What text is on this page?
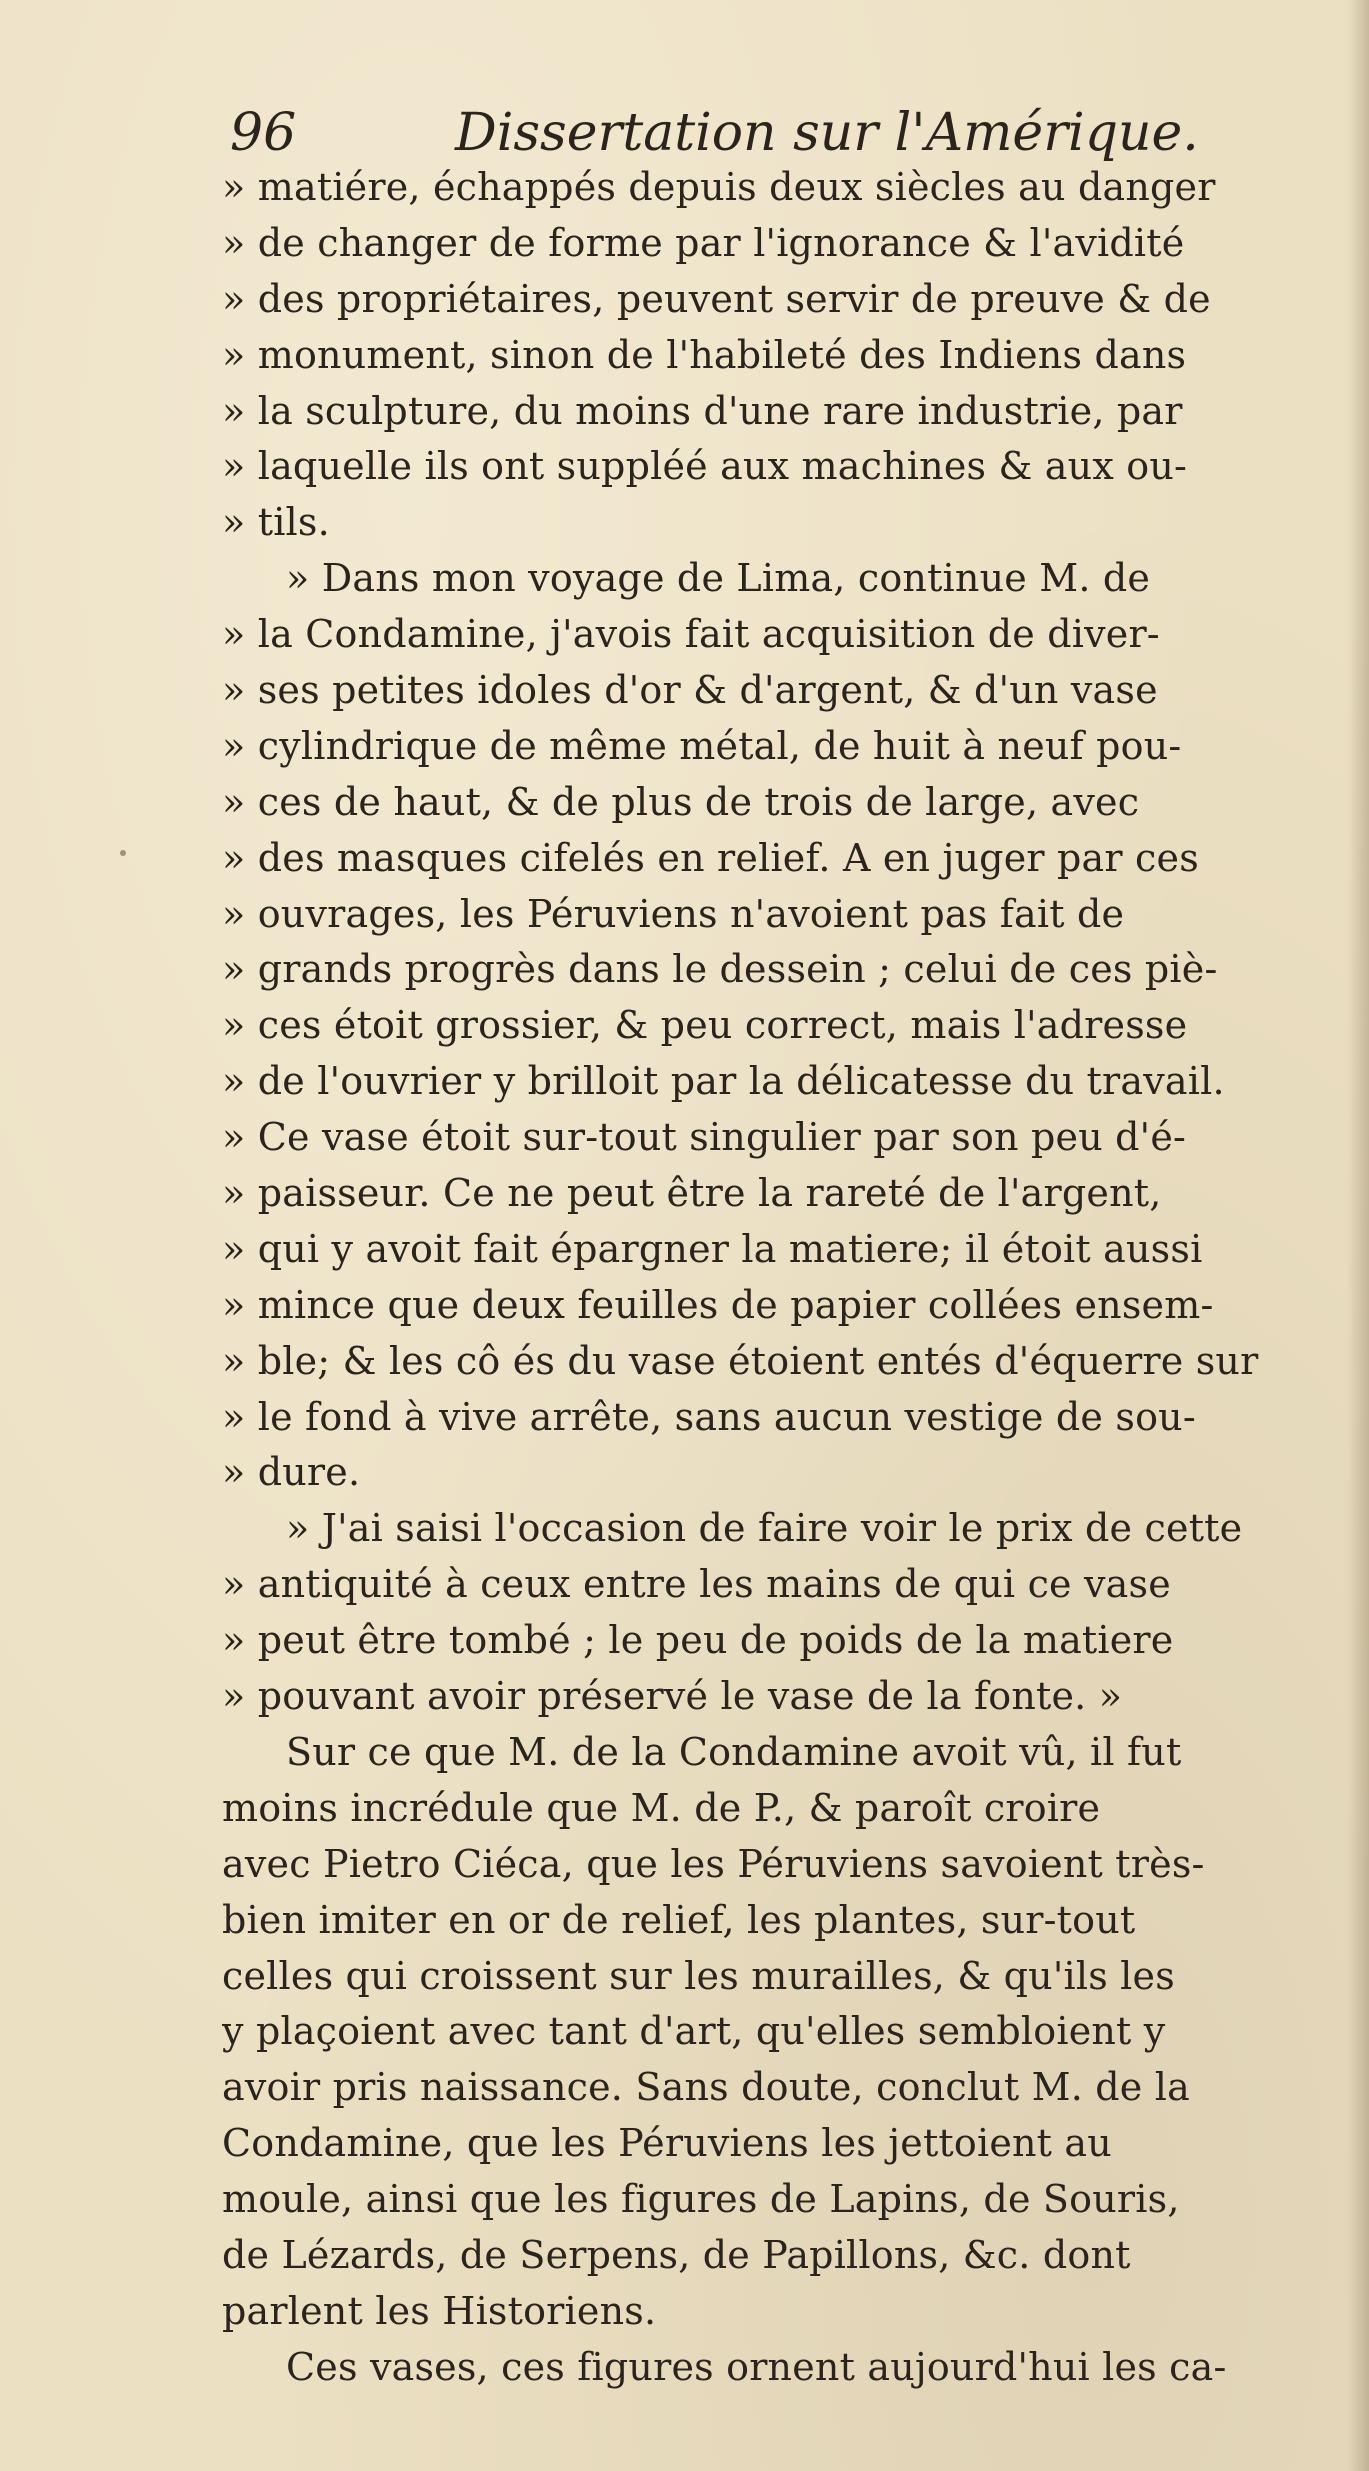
96	Dissertation sur l'Amérique.
» matiére, échappés depuis deux siècles au danger
» de changer de forme par l'ignorance & l'avidité
» des propriétaires, peuvent servir de preuve & de
» monument, sinon de l'habileté des Indiens dans
» la sculpture, du moins d'une rare industrie, par
» laquelle ils ont suppléé aux machines & aux ou-
» tils.
» Dans mon voyage de Lima, continue M. de
» la Condamine, j'avois fait acquisition de diver-
» ses petites idoles d'or & d'argent, & d'un vase
» cylindrique de même métal, de huit à neuf pou-
» ces de haut, & de plus de trois de large, avec
» des masques cifelés en relief. A en juger par ces
» ouvrages, les Péruviens n'avoient pas fait de
» grands progrès dans le dessein ; celui de ces piè-
» ces étoit grossier, & peu correct, mais l'adresse
» de l'ouvrier y brilloit par la délicatesse du travail.
» Ce vase étoit sur-tout singulier par son peu d'é-
» paisseur. Ce ne peut être la rareté de l'argent,
» qui y avoit fait épargner la matiere; il étoit aussi
» mince que deux feuilles de papier collées ensem-
» ble; & les cô és du vase étoient entés d'équerre sur
» le fond à vive arrête, sans aucun vestige de sou-
» dure.
» J'ai saisi l'occasion de faire voir le prix de cette
» antiquité à ceux entre les mains de qui ce vase
» peut être tombé ; le peu de poids de la matiere
» pouvant avoir préservé le vase de la fonte. »
Sur ce que M. de la Condamine avoit vû, il fut
moins incrédule que M. de P., & paroît croire
avec Pietro Ciéca, que les Péruviens savoient très-
bien imiter en or de relief, les plantes, sur-tout
celles qui croissent sur les murailles, & qu'ils les
y plaçoient avec tant d'art, qu'elles sembloient y
avoir pris naissance. Sans doute, conclut M. de la
Condamine, que les Péruviens les jettoient au
moule, ainsi que les figures de Lapins, de Souris,
de Lézards, de Serpens, de Papillons, &c. dont
parlent les Historiens.
Ces vases, ces figures ornent aujourd'hui les ca-
